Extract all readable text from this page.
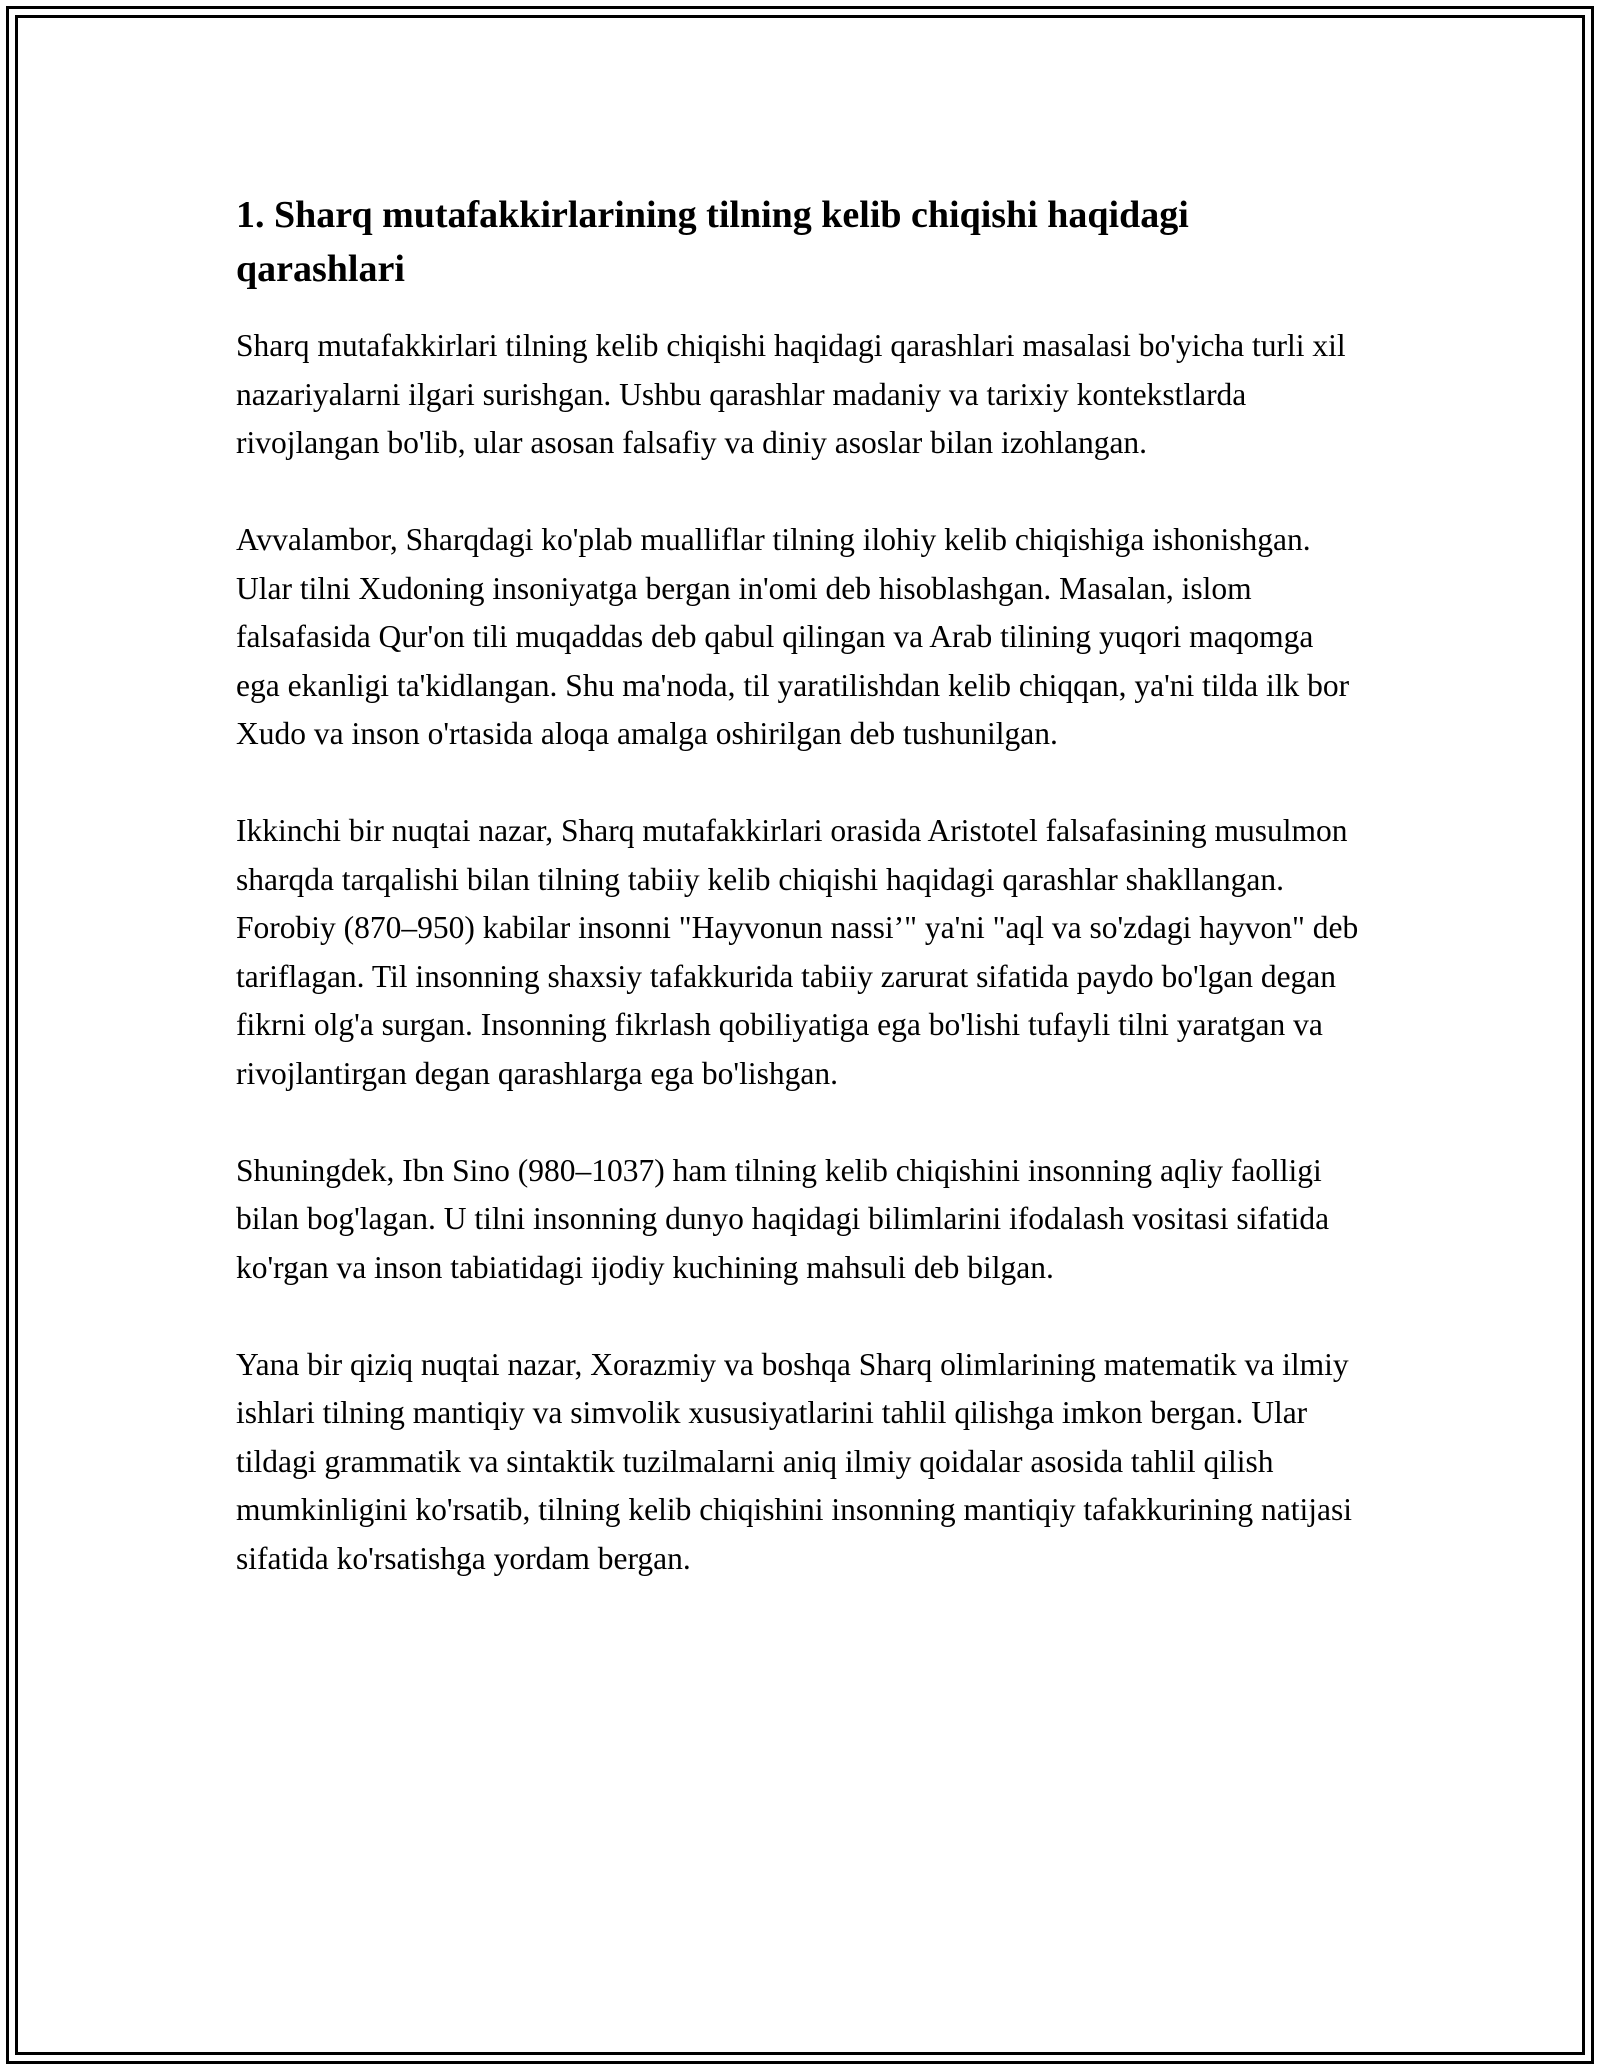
1. Sharq mutafakkirlarining tilning kelib chiqishi haqidagi qarashlari

Sharq mutafakkirlari tilning kelib chiqishi haqidagi qarashlari masalasi bo'yicha turli xil nazariyalarni ilgari surishgan. Ushbu qarashlar madaniy va tarixiy kontekstlarda rivojlangan bo'lib, ular asosan falsafiy va diniy asoslar bilan izohlangan.

Avvalambor, Sharqdagi ko'plab mualliflar tilning ilohiy kelib chiqishiga ishonishgan. Ular tilni Xudoning insoniyatga bergan in'omi deb hisoblashgan. Masalan, islom falsafasida Qur'on tili muqaddas deb qabul qilingan va Arab tilining yuqori maqomga ega ekanligi ta'kidlangan. Shu ma'noda, til yaratilishdan kelib chiqqan, ya'ni tilda ilk bor Xudo va inson o'rtasida aloqa amalga oshirilgan deb tushunilgan.

Ikkinchi bir nuqtai nazar, Sharq mutafakkirlari orasida Aristotel falsafasining musulmon sharqda tarqalishi bilan tilning tabiiy kelib chiqishi haqidagi qarashlar shakllangan. Forobiy (870–950) kabilar insonni "Hayvonun nassi’" ya'ni "aql va so'zdagi hayvon" deb tariflagan. Til insonning shaxsiy tafakkurida tabiiy zarurat sifatida paydo bo'lgan degan fikrni olg'a surgan. Insonning fikrlash qobiliyatiga ega bo'lishi tufayli tilni yaratgan va rivojlantirgan degan qarashlarga ega bo'lishgan.

Shuningdek, Ibn Sino (980–1037) ham tilning kelib chiqishini insonning aqliy faolligi bilan bog'lagan. U tilni insonning dunyo haqidagi bilimlarini ifodalash vositasi sifatida ko'rgan va inson tabiatidagi ijodiy kuchining mahsuli deb bilgan.

Yana bir qiziq nuqtai nazar, Xorazmiy va boshqa Sharq olimlarining matematik va ilmiy ishlari tilning mantiqiy va simvolik xususiyatlarini tahlil qilishga imkon bergan. Ular tildagi grammatik va sintaktik tuzilmalarni aniq ilmiy qoidalar asosida tahlil qilish mumkinligini ko'rsatib, tilning kelib chiqishini insonning mantiqiy tafakkurining natijasi sifatida ko'rsatishga yordam bergan.
